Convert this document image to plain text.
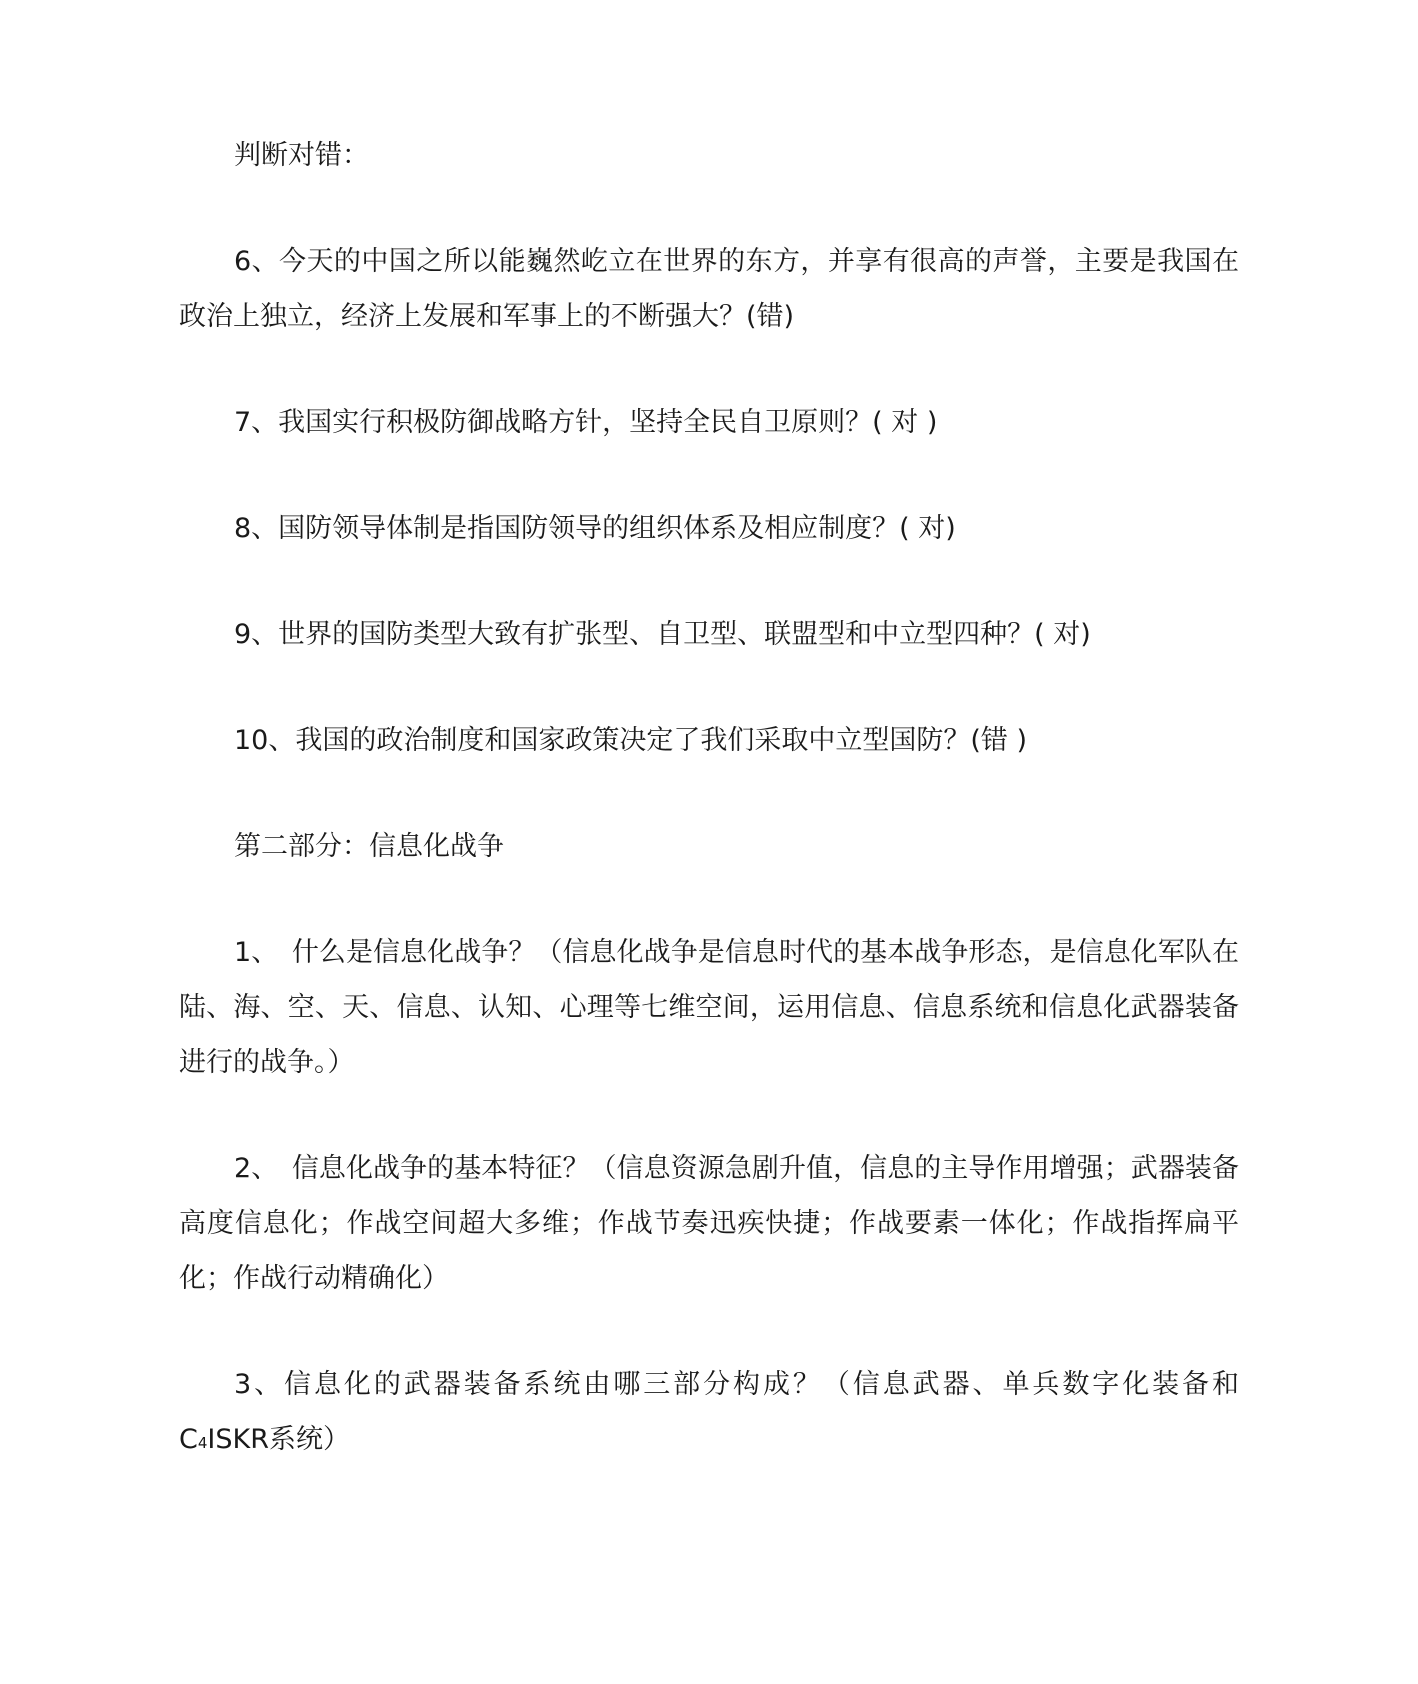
判断对错：

6、今天的中国之所以能巍然屹立在世界的东方，并享有很高的声誉，主要是我国在政治上独立，经济上发展和军事上的不断强大？(错)

7、我国实行积极防御战略方针，坚持全民自卫原则？( 对 )

8、国防领导体制是指国防领导的组织体系及相应制度？( 对)

9、世界的国防类型大致有扩张型、自卫型、联盟型和中立型四种？( 对)

10、我国的政治制度和国家政策决定了我们采取中立型国防？(错 )

第二部分：信息化战争

1、　什么是信息化战争？（信息化战争是信息时代的基本战争形态，是信息化军队在陆、海、空、天、信息、认知、心理等七维空间，运用信息、信息系统和信息化武器装备进行的战争。）

2、　信息化战争的基本特征？（信息资源急剧升值，信息的主导作用增强；武器装备高度信息化；作战空间超大多维；作战节奏迅疾快捷；作战要素一体化；作战指挥扁平化；作战行动精确化）

3、信息化的武器装备系统由哪三部分构成？（信息武器、单兵数字化装备和 C4ISKR系统）
